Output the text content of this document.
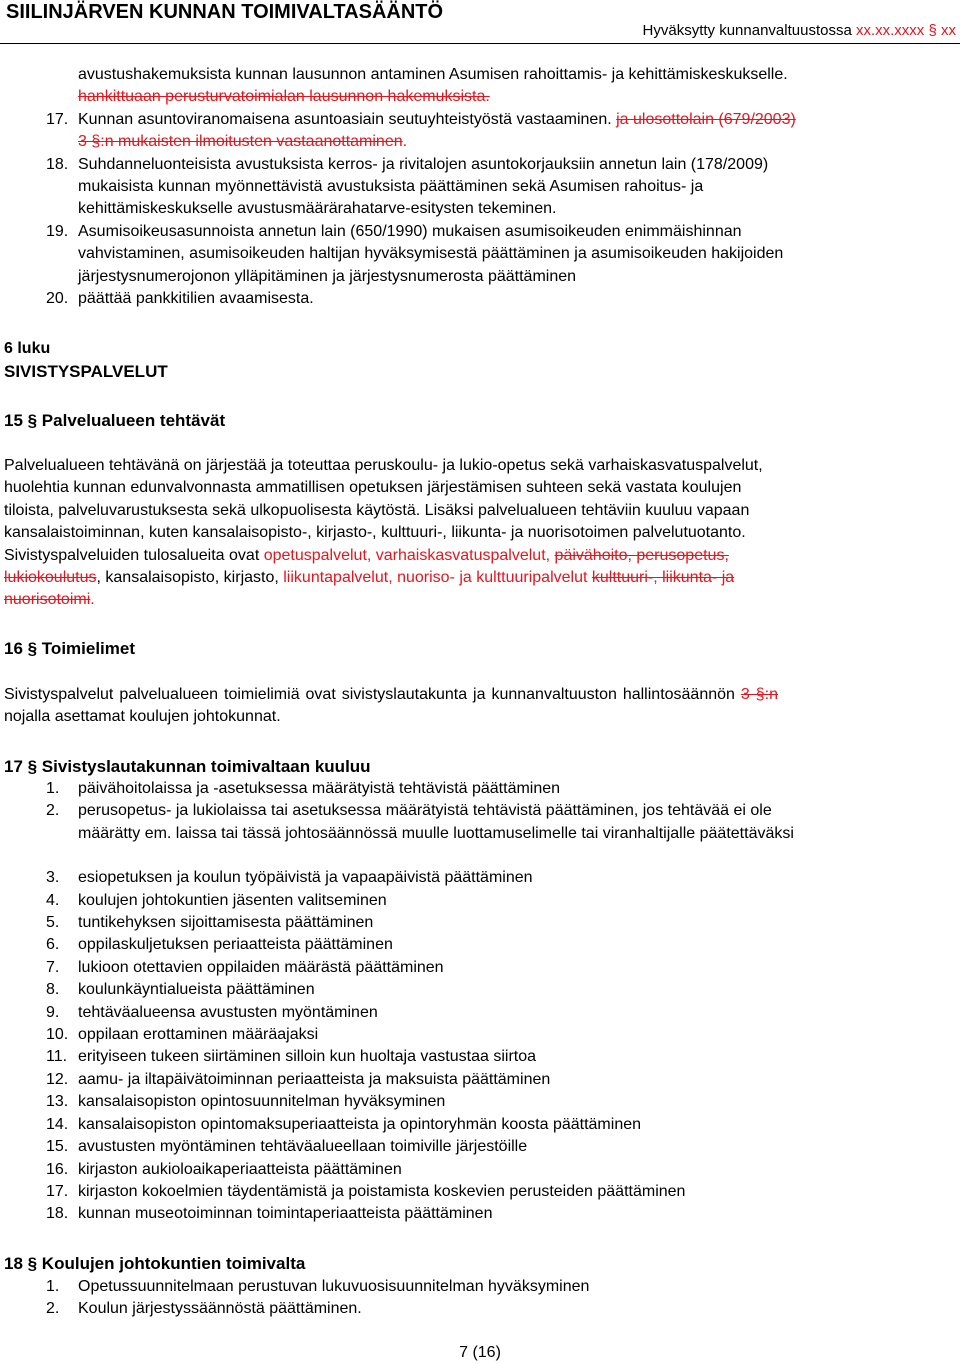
SIILINJÄRVEN KUNNAN TOIMIVALTASÄÄNTÖ
Hyväksytty kunnanvaltuustossa xx.xx.xxxx § xx
avustushakemuksista kunnan lausunnon antaminen Asumisen rahoittamis- ja kehittämiskeskukselle.
hankittuaan perusturvatoimialan lausunnon hakemuksista.
17. Kunnan asuntoviranomaisena asuntoasiain seutuyhteistyöstä vastaaminen. ja ulosottolain (679/2003)
3 §:n mukaisten ilmoitusten vastaanottaminen.
18. Suhdanneluonteisista avustuksista kerros- ja rivitalojen asuntokorjauksiin annetun lain (178/2009)
mukaisista kunnan myönnettävistä avustuksista päättäminen sekä Asumisen rahoitus- ja
kehittämiskeskukselle avustusmäärärahatarve-esitysten tekeminen.
19. Asumisoikeusasunnoista annetun lain (650/1990) mukaisen asumisoikeuden enimmäishinnan
vahvistaminen, asumisoikeuden haltijan hyväksymisestä päättäminen ja asumisoikeuden hakijoiden
järjestysnumerojonon ylläpitäminen ja järjestysnumerosta päättäminen
20. päättää pankkitilien avaamisesta.
6 luku
SIVISTYSPALVELUT
15 § Palvelualueen tehtävät
Palvelualueen tehtävänä on järjestää ja toteuttaa peruskoulu- ja lukio-opetus sekä varhaiskasvatuspalvelut,
huolehtia kunnan edunvalvonnasta ammatillisen opetuksen järjestämisen suhteen sekä vastata koulujen
tiloista, palveluvarustuksesta sekä ulkopuolisesta käytöstä. Lisäksi palvelualueen tehtäviin kuuluu vapaan
kansalaistoiminnan, kuten kansalaisopisto-, kirjasto-, kulttuuri-, liikunta- ja nuorisotoimen palvelutuotanto.
Sivistyspalveluiden tulosalueita ovat opetuspalvelut, varhaiskasvatuspalvelut, päivähoito, perusopetus,
lukiokoulutus, kansalaisopisto, kirjasto, liikuntapalvelut, nuoriso- ja kulttuuripalvelut kulttuuri-, liikunta- ja
nuorisotoimi.
16 § Toimielimet
Sivistyspalvelut palvelualueen toimielimiä ovat sivistyslautakunta ja kunnanvaltuuston hallintosäännön 3 §:n
nojalla asettamat koulujen johtokunnat.
17 § Sivistyslautakunnan toimivaltaan kuuluu
1. päivähoitolaissa ja -asetuksessa määrätyistä tehtävistä päättäminen
2. perusopetus- ja lukiolaissa tai asetuksessa määrätyistä tehtävistä päättäminen, jos tehtävää ei ole
määrätty em. laissa tai tässä johtosäännössä muulle luottamuselimelle tai viranhaltijalle päätettäväksi
3. esiopetuksen ja koulun työpäivistä ja vapaapäivistä päättäminen
4. koulujen johtokuntien jäsenten valitseminen
5. tuntikehyksen sijoittamisesta päättäminen
6. oppilaskuljetuksen periaatteista päättäminen
7. lukioon otettavien oppilaiden määrästä päättäminen
8. koulunkäyntialueista päättäminen
9. tehtäväalueensa avustusten myöntäminen
10. oppilaan erottaminen määräajaksi
11. erityiseen tukeen siirtäminen silloin kun huoltaja vastustaa siirtoa
12. aamu- ja iltapäivätoiminnan periaatteista ja maksuista päättäminen
13. kansalaisopiston opintosuunnitelman hyväksyminen
14. kansalaisopiston opintomaksuperiaatteista ja opintoryhmän koosta päättäminen
15. avustusten myöntäminen tehtäväalueellaan toimiville järjestöille
16. kirjaston aukioloaikaperiaatteista päättäminen
17. kirjaston kokoelmien täydentämistä ja poistamista koskevien perusteiden päättäminen
18. kunnan museotoiminnan toimintaperiaatteista päättäminen
18 § Koulujen johtokuntien toimivalta
1. Opetussuunnitelmaan perustuvan lukuvuosisuunnitelman hyväksyminen
2. Koulun järjestyssäännöstä päättäminen.
7 (16)
